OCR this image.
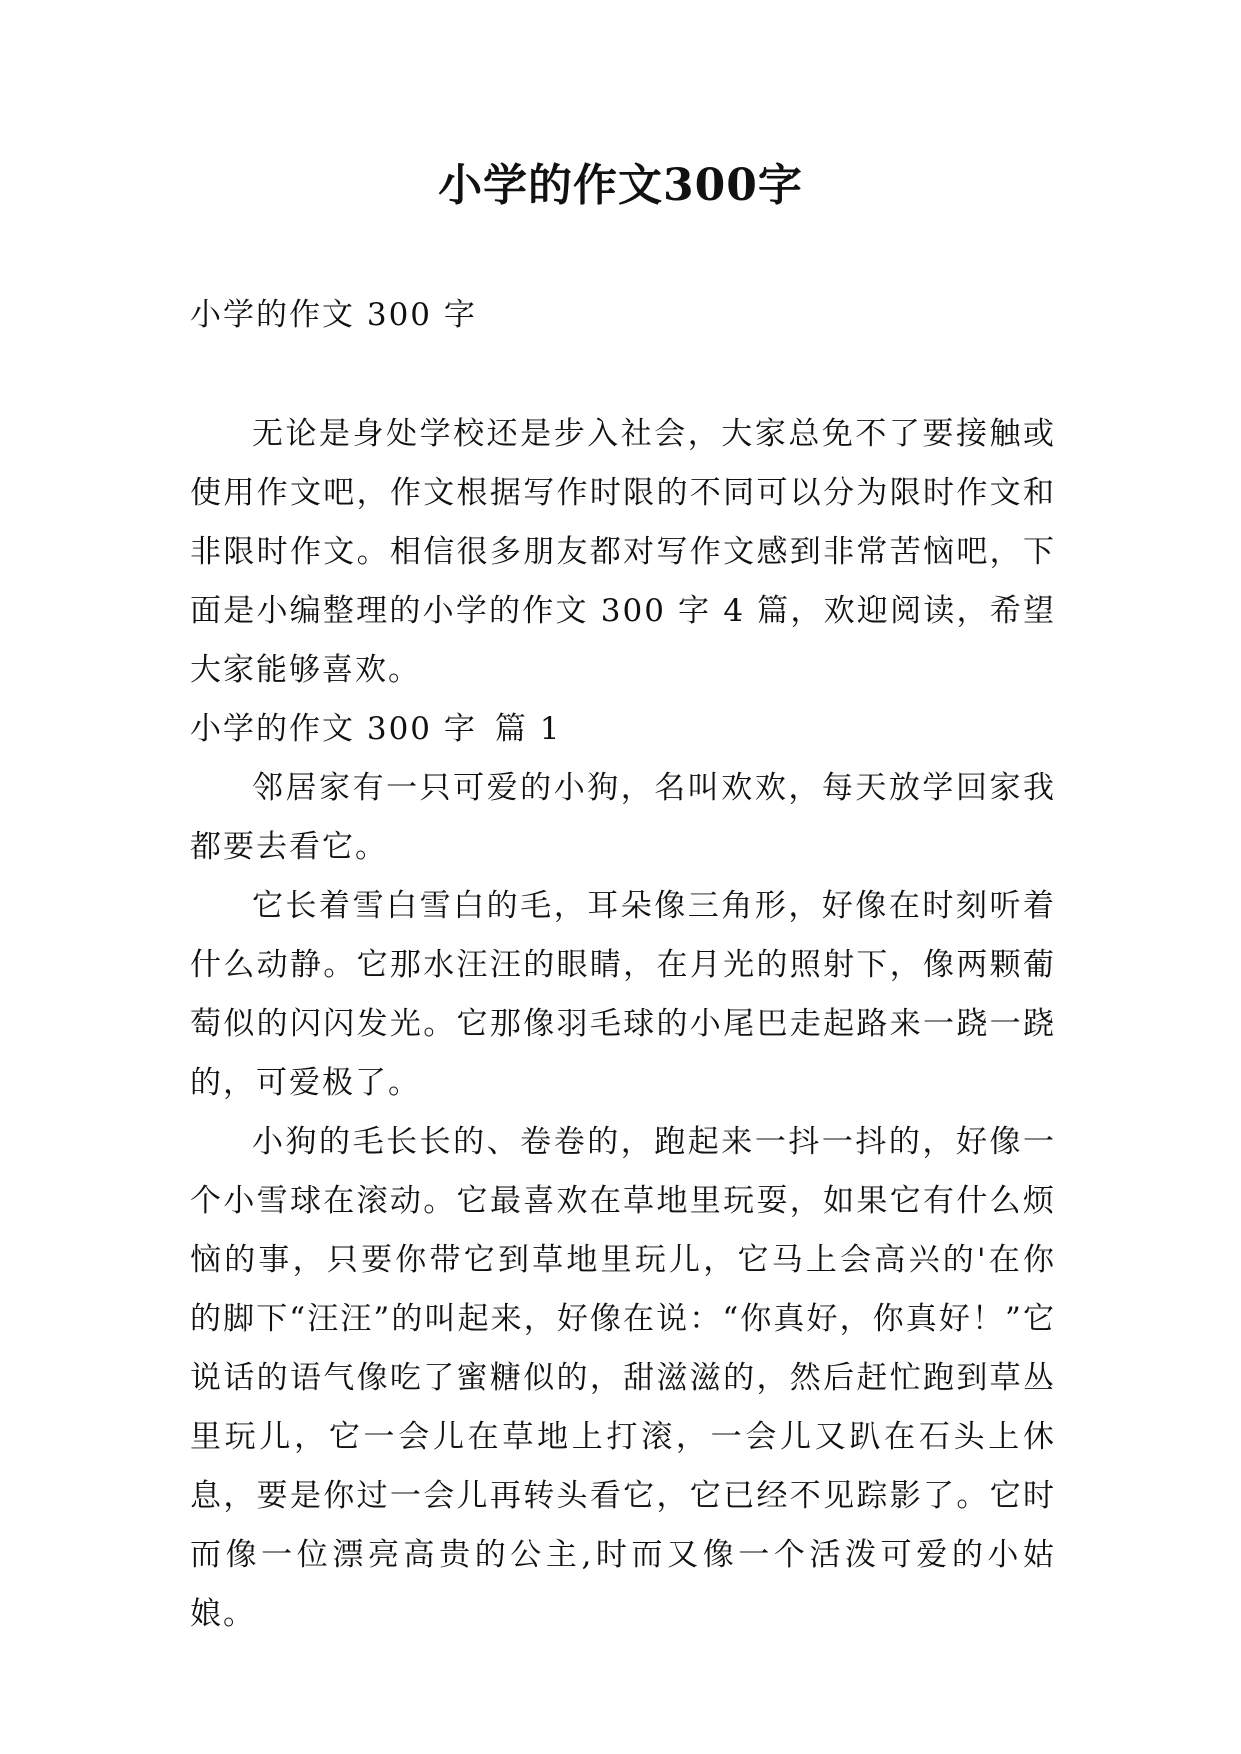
小学的作文300字

小学的作文 300 字

无论是身处学校还是步入社会，大家总免不了要接触或使用作文吧，作文根据写作时限的不同可以分为限时作文和非限时作文。相信很多朋友都对写作文感到非常苦恼吧，下面是小编整理的小学的作文 300 字 4 篇，欢迎阅读，希望大家能够喜欢。

小学的作文 300 字 篇 1

邻居家有一只可爱的小狗，名叫欢欢，每天放学回家我都要去看它。

它长着雪白雪白的毛，耳朵像三角形，好像在时刻听着什么动静。它那水汪汪的眼睛，在月光的照射下，像两颗葡萄似的闪闪发光。它那像羽毛球的小尾巴走起路来一跷一跷的，可爱极了。

小狗的毛长长的、卷卷的，跑起来一抖一抖的，好像一个小雪球在滚动。它最喜欢在草地里玩耍，如果它有什么烦恼的事，只要你带它到草地里玩儿，它马上会高兴的'在你的脚下“汪汪”的叫起来，好像在说：“你真好，你真好！”它说话的语气像吃了蜜糖似的，甜滋滋的，然后赶忙跑到草丛里玩儿，它一会儿在草地上打滚，一会儿又趴在石头上休息，要是你过一会儿再转头看它，它已经不见踪影了。它时而像一位漂亮高贵的公主,时而又像一个活泼可爱的小姑娘。
